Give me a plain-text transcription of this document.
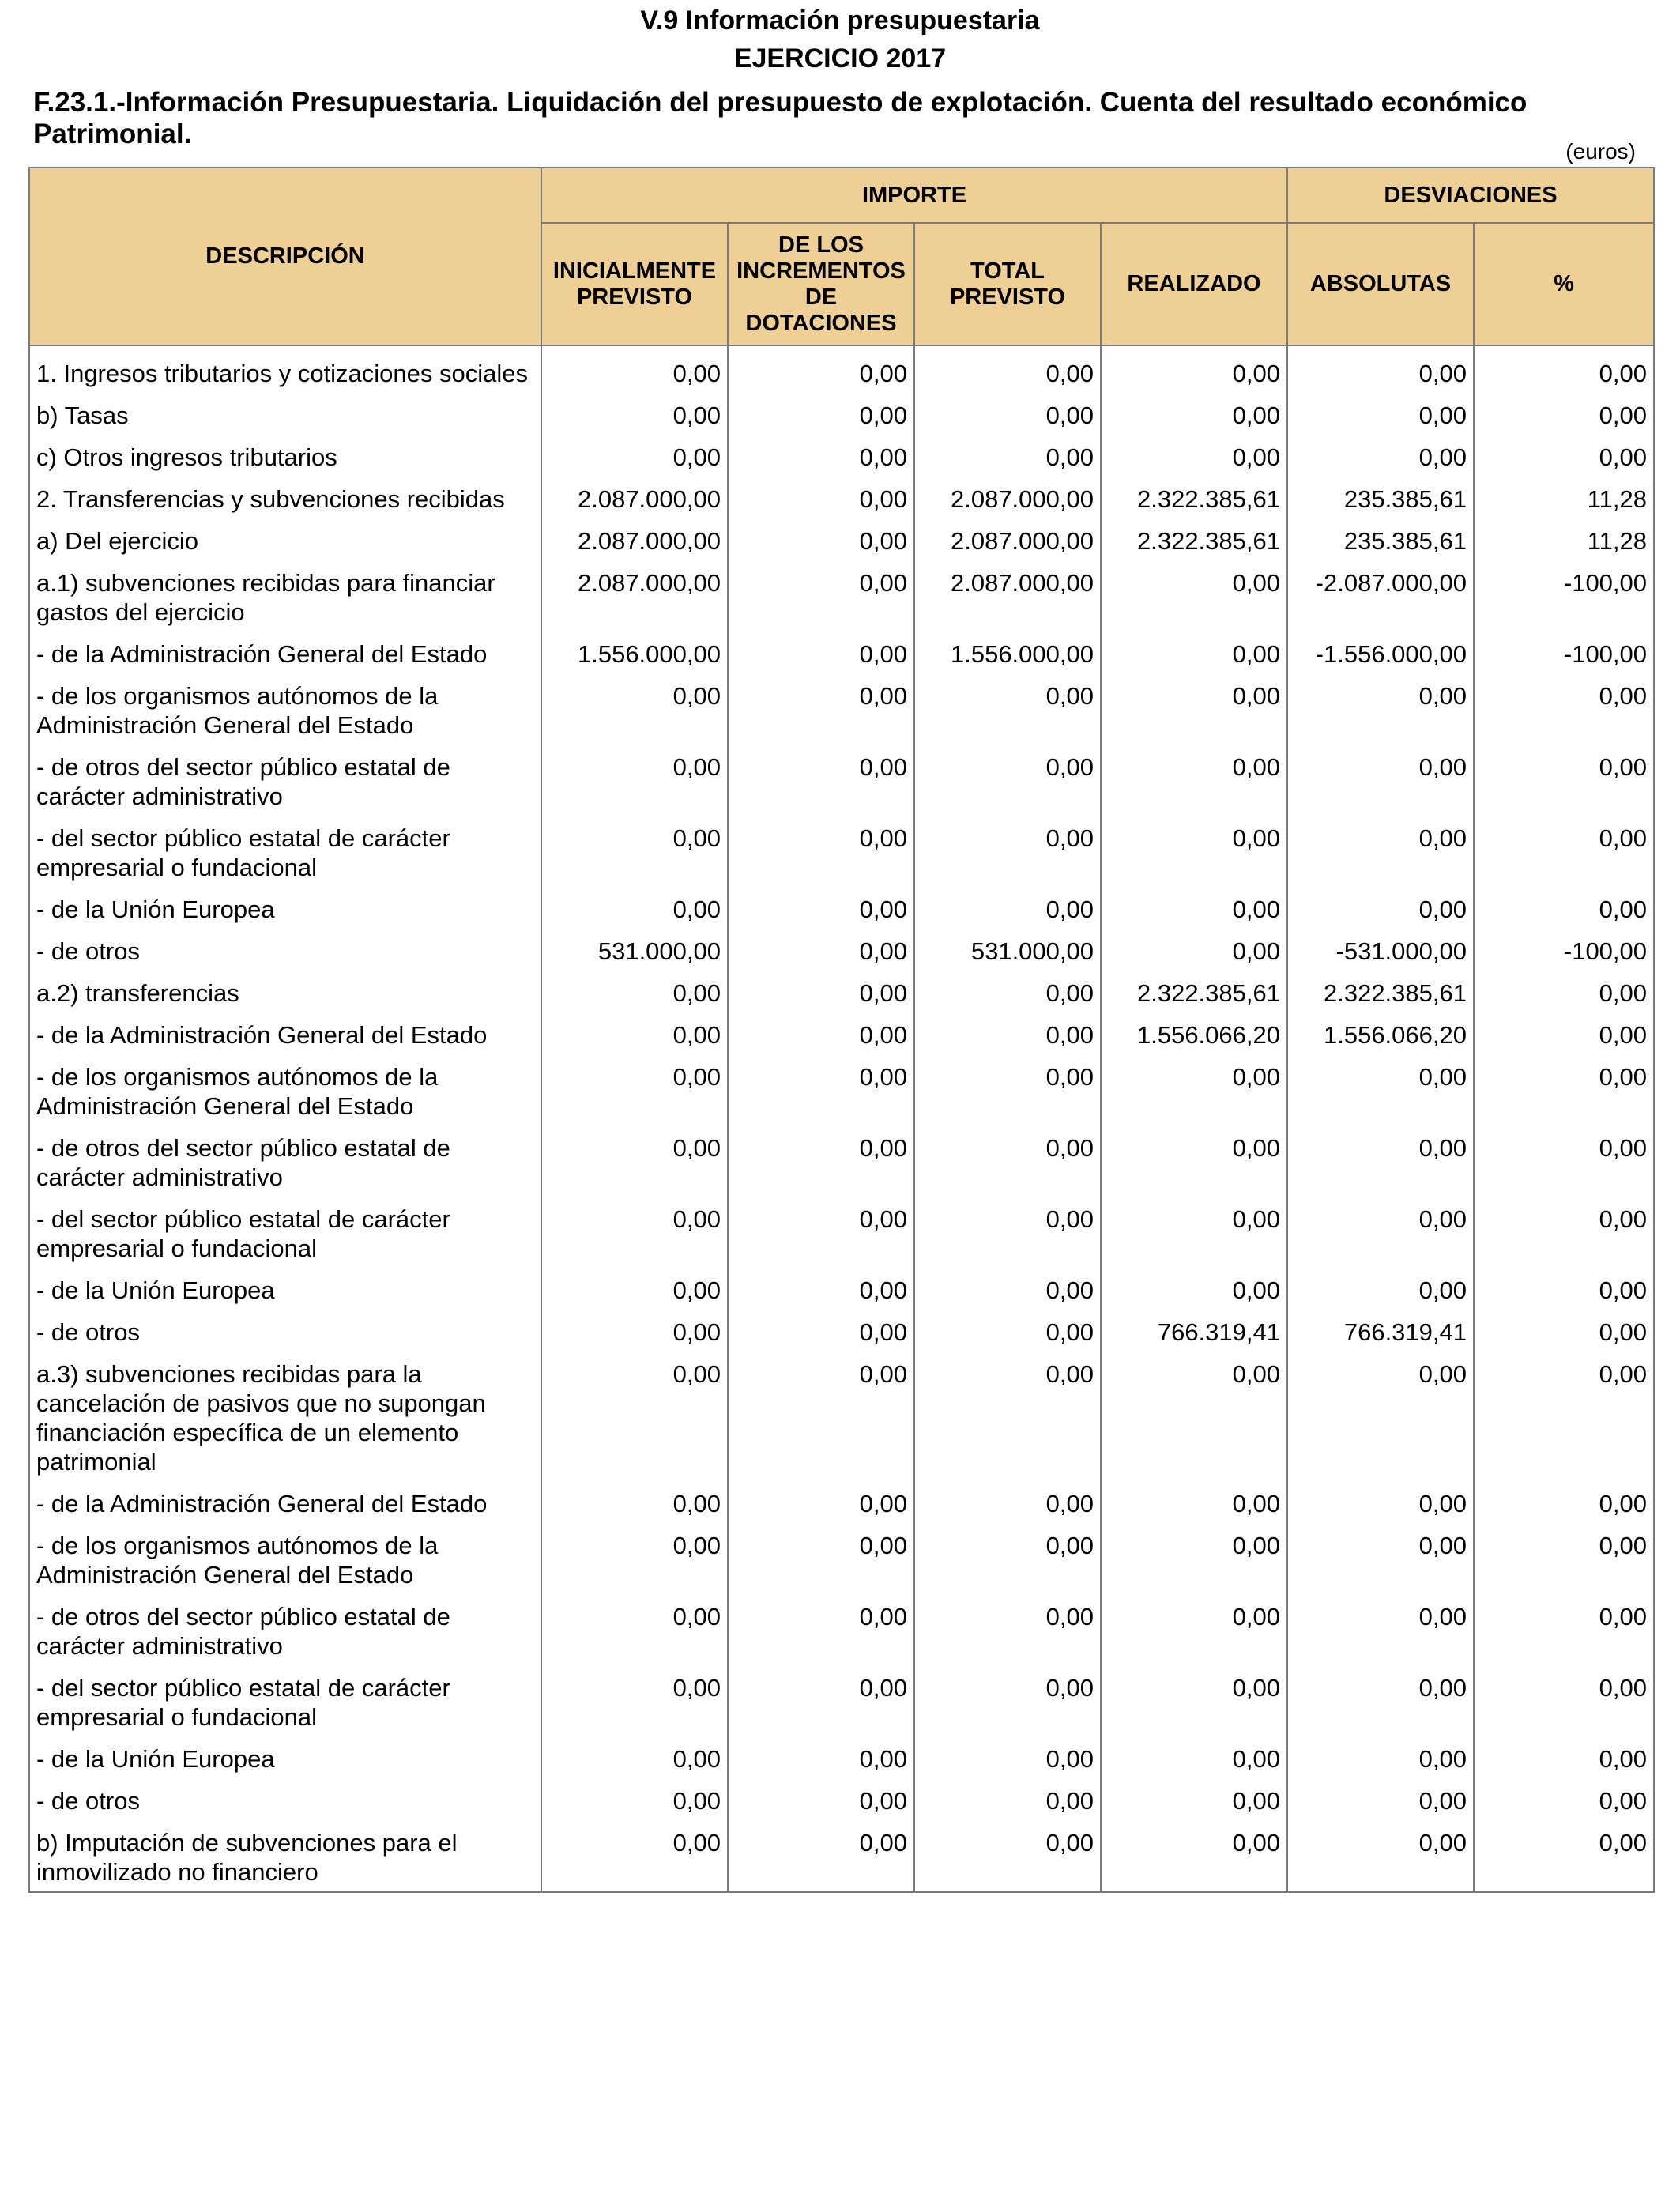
V.9 Información presupuestaria
EJERCICIO 2017
F.23.1.-Información Presupuestaria. Liquidación del presupuesto de explotación. Cuenta del resultado económico Patrimonial.
(euros)
DESCRIPCIÓN	IMPORTE				DESVIACIONES	
	INICIALMENTE PREVISTO	DE LOS INCREMENTOS DE DOTACIONES	TOTAL PREVISTO	REALIZADO	ABSOLUTAS	%
1. Ingresos tributarios y cotizaciones sociales	0,00	0,00	0,00	0,00	0,00	0,00
b) Tasas	0,00	0,00	0,00	0,00	0,00	0,00
c) Otros ingresos tributarios	0,00	0,00	0,00	0,00	0,00	0,00
2. Transferencias y subvenciones recibidas	2.087.000,00	0,00	2.087.000,00	2.322.385,61	235.385,61	11,28
a) Del ejercicio	2.087.000,00	0,00	2.087.000,00	2.322.385,61	235.385,61	11,28
a.1) subvenciones recibidas para financiar gastos del ejercicio	2.087.000,00	0,00	2.087.000,00	0,00	-2.087.000,00	-100,00
- de la Administración General del Estado	1.556.000,00	0,00	1.556.000,00	0,00	-1.556.000,00	-100,00
- de los organismos autónomos de la Administración General del Estado	0,00	0,00	0,00	0,00	0,00	0,00
- de otros del sector público estatal de carácter administrativo	0,00	0,00	0,00	0,00	0,00	0,00
- del sector público estatal de carácter empresarial o fundacional	0,00	0,00	0,00	0,00	0,00	0,00
- de la Unión Europea	0,00	0,00	0,00	0,00	0,00	0,00
- de otros	531.000,00	0,00	531.000,00	0,00	-531.000,00	-100,00
a.2) transferencias	0,00	0,00	0,00	2.322.385,61	2.322.385,61	0,00
- de la Administración General del Estado	0,00	0,00	0,00	1.556.066,20	1.556.066,20	0,00
- de los organismos autónomos de la Administración General del Estado	0,00	0,00	0,00	0,00	0,00	0,00
- de otros del sector público estatal de carácter administrativo	0,00	0,00	0,00	0,00	0,00	0,00
- del sector público estatal de carácter empresarial o fundacional	0,00	0,00	0,00	0,00	0,00	0,00
- de la Unión Europea	0,00	0,00	0,00	0,00	0,00	0,00
- de otros	0,00	0,00	0,00	766.319,41	766.319,41	0,00
a.3) subvenciones recibidas para la cancelación de pasivos que no supongan financiación específica de un elemento patrimonial	0,00	0,00	0,00	0,00	0,00	0,00
- de la Administración General del Estado	0,00	0,00	0,00	0,00	0,00	0,00
- de los organismos autónomos de la Administración General del Estado	0,00	0,00	0,00	0,00	0,00	0,00
- de otros del sector público estatal de carácter administrativo	0,00	0,00	0,00	0,00	0,00	0,00
- del sector público estatal de carácter empresarial o fundacional	0,00	0,00	0,00	0,00	0,00	0,00
- de la Unión Europea	0,00	0,00	0,00	0,00	0,00	0,00
- de otros	0,00	0,00	0,00	0,00	0,00	0,00
b) Imputación de subvenciones para el inmovilizado no financiero	0,00	0,00	0,00	0,00	0,00	0,00
